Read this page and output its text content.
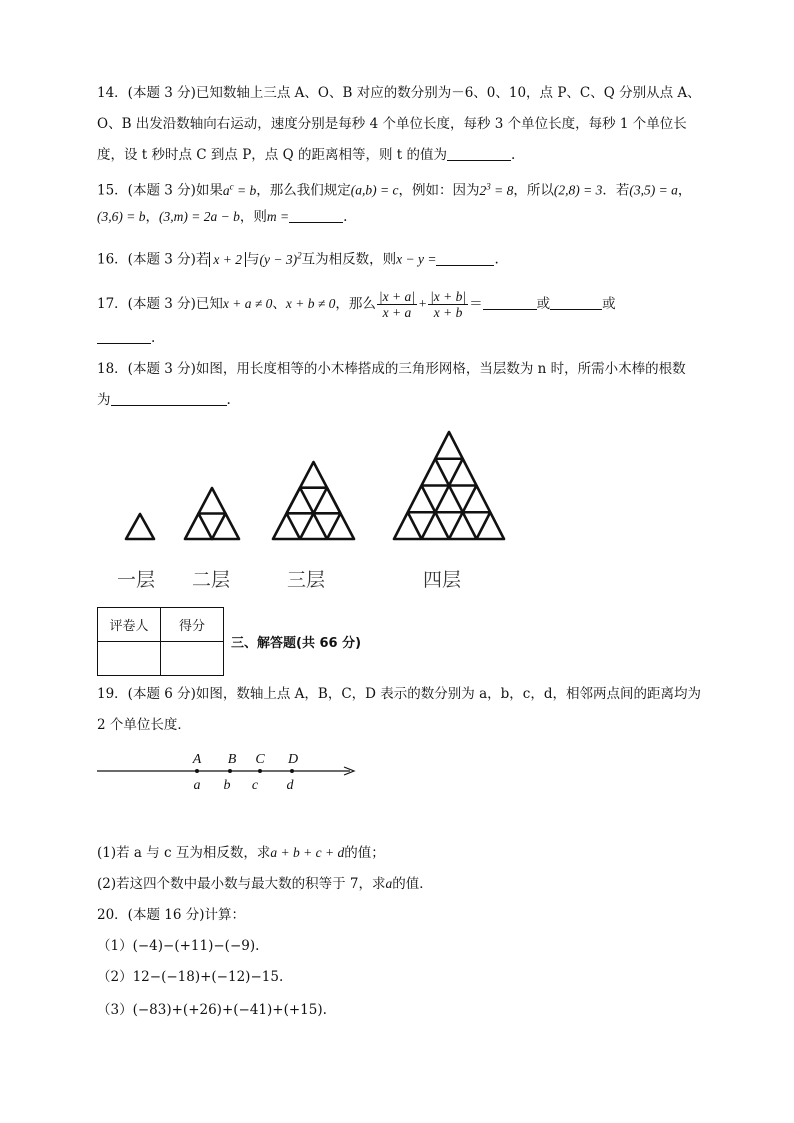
14．(本题 3 分)已知数轴上三点 A、O、B 对应的数分别为－6、0、10，点 P、C、Q 分别从点 A、
O、B 出发沿数轴向右运动，速度分别是每秒 4 个单位长度，每秒 3 个单位长度，每秒 1 个单位长
度，设 t 秒时点 C 到点 P，点 Q 的距离相等，则 t 的值为	.
15．(本题 3 分)如果$a^c = b$，那么我们规定(a,b) = c，例如：因为$2^3 = 8$，所以(2,8) = 3．若(3,5) = a，
(3,6) = b，(3,m) = 2a − b，则m =	.
16．(本题 3 分)若 x + 2 与$(y - 3)^2$互为相反数，则x − y =	.
17．(本题 3 分)已知x + a ≠ 0、x + b ≠ 0，那么 $\frac{|x + a|}{x + a} + \frac{|x + b|}{x + b}$ ＝	或	或
.
18．(本题 3 分)如图，用长度相等的小木棒搭成的三角形网格，当层数为 n 时，所需小木棒的根数
为	.
一层 二层	三层	四层
评卷人	得分

三、解答题(共 66 分)
19．(本题 6 分)如图，数轴上点 A，B，C，D 表示的数分别为 a，b，c，d，相邻两点间的距离均为
2 个单位长度．
A B C D
a b c d
(1)若 a 与 c 互为相反数，求a + b + c + d的值；
(2)若这四个数中最小数与最大数的积等于 7，求a的值．
20．(本题 16 分)计算：
（1）(−4)−(+11)−(−9).
（2）12−(−18)+(−12)−15.
（3）(−83)+(+26)+(−41)+(+15).
